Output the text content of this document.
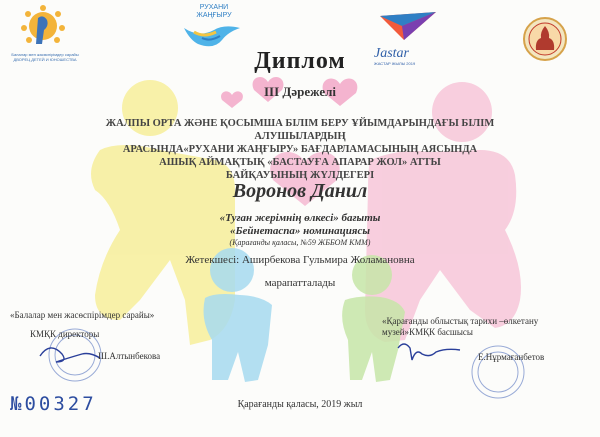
Балалар мен жасөспірімдер сарайы
ДВОРЕЦ ДЕТЕЙ И ЮНОШЕСТВА
РУХАНИ
ЖАҢҒЫРУ
Jastar
ЖАСТАР ЖЫЛЫ 2019
Диплом
III Дәрежелі
ЖАЛПЫ ОРТА ЖӘНЕ ҚОСЫМША БІЛІМ БЕРУ ҰЙЫМДАРЫНДАҒЫ БІЛІМ АЛУШЫЛАРДЫҢ
АРАСЫНДА«РУХАНИ ЖАҢҒЫРУ» БАҒДАРЛАМАСЫНЫҢ АЯСЫНДА
АШЫҚ АЙМАҚТЫҚ «БАСТАУҒА АПАРАР ЖОЛ» АТТЫ
БАЙҚАУЫНЫҢ ЖҮЛДЕГЕРІ
Воронов Данил
«Туған жерімнің өлкесі» бағыты
«Бейнетаспа» номинациясы
(Қарағанды қаласы, №59 ЖББОМ КММ)
Жетекшесі: Аширбекова Гульмира Жоламановна
марапатталады
«Балалар мен жасөспірімдер сарайы»
КМҚК директоры
Ш.Алтынбекова
«Қарағанды облыстық тарихи –өлкетану
музей»КМҚК басшысы
Е.Нұрмағанбетов
№00327	Қарағанды қаласы, 2019 жыл
